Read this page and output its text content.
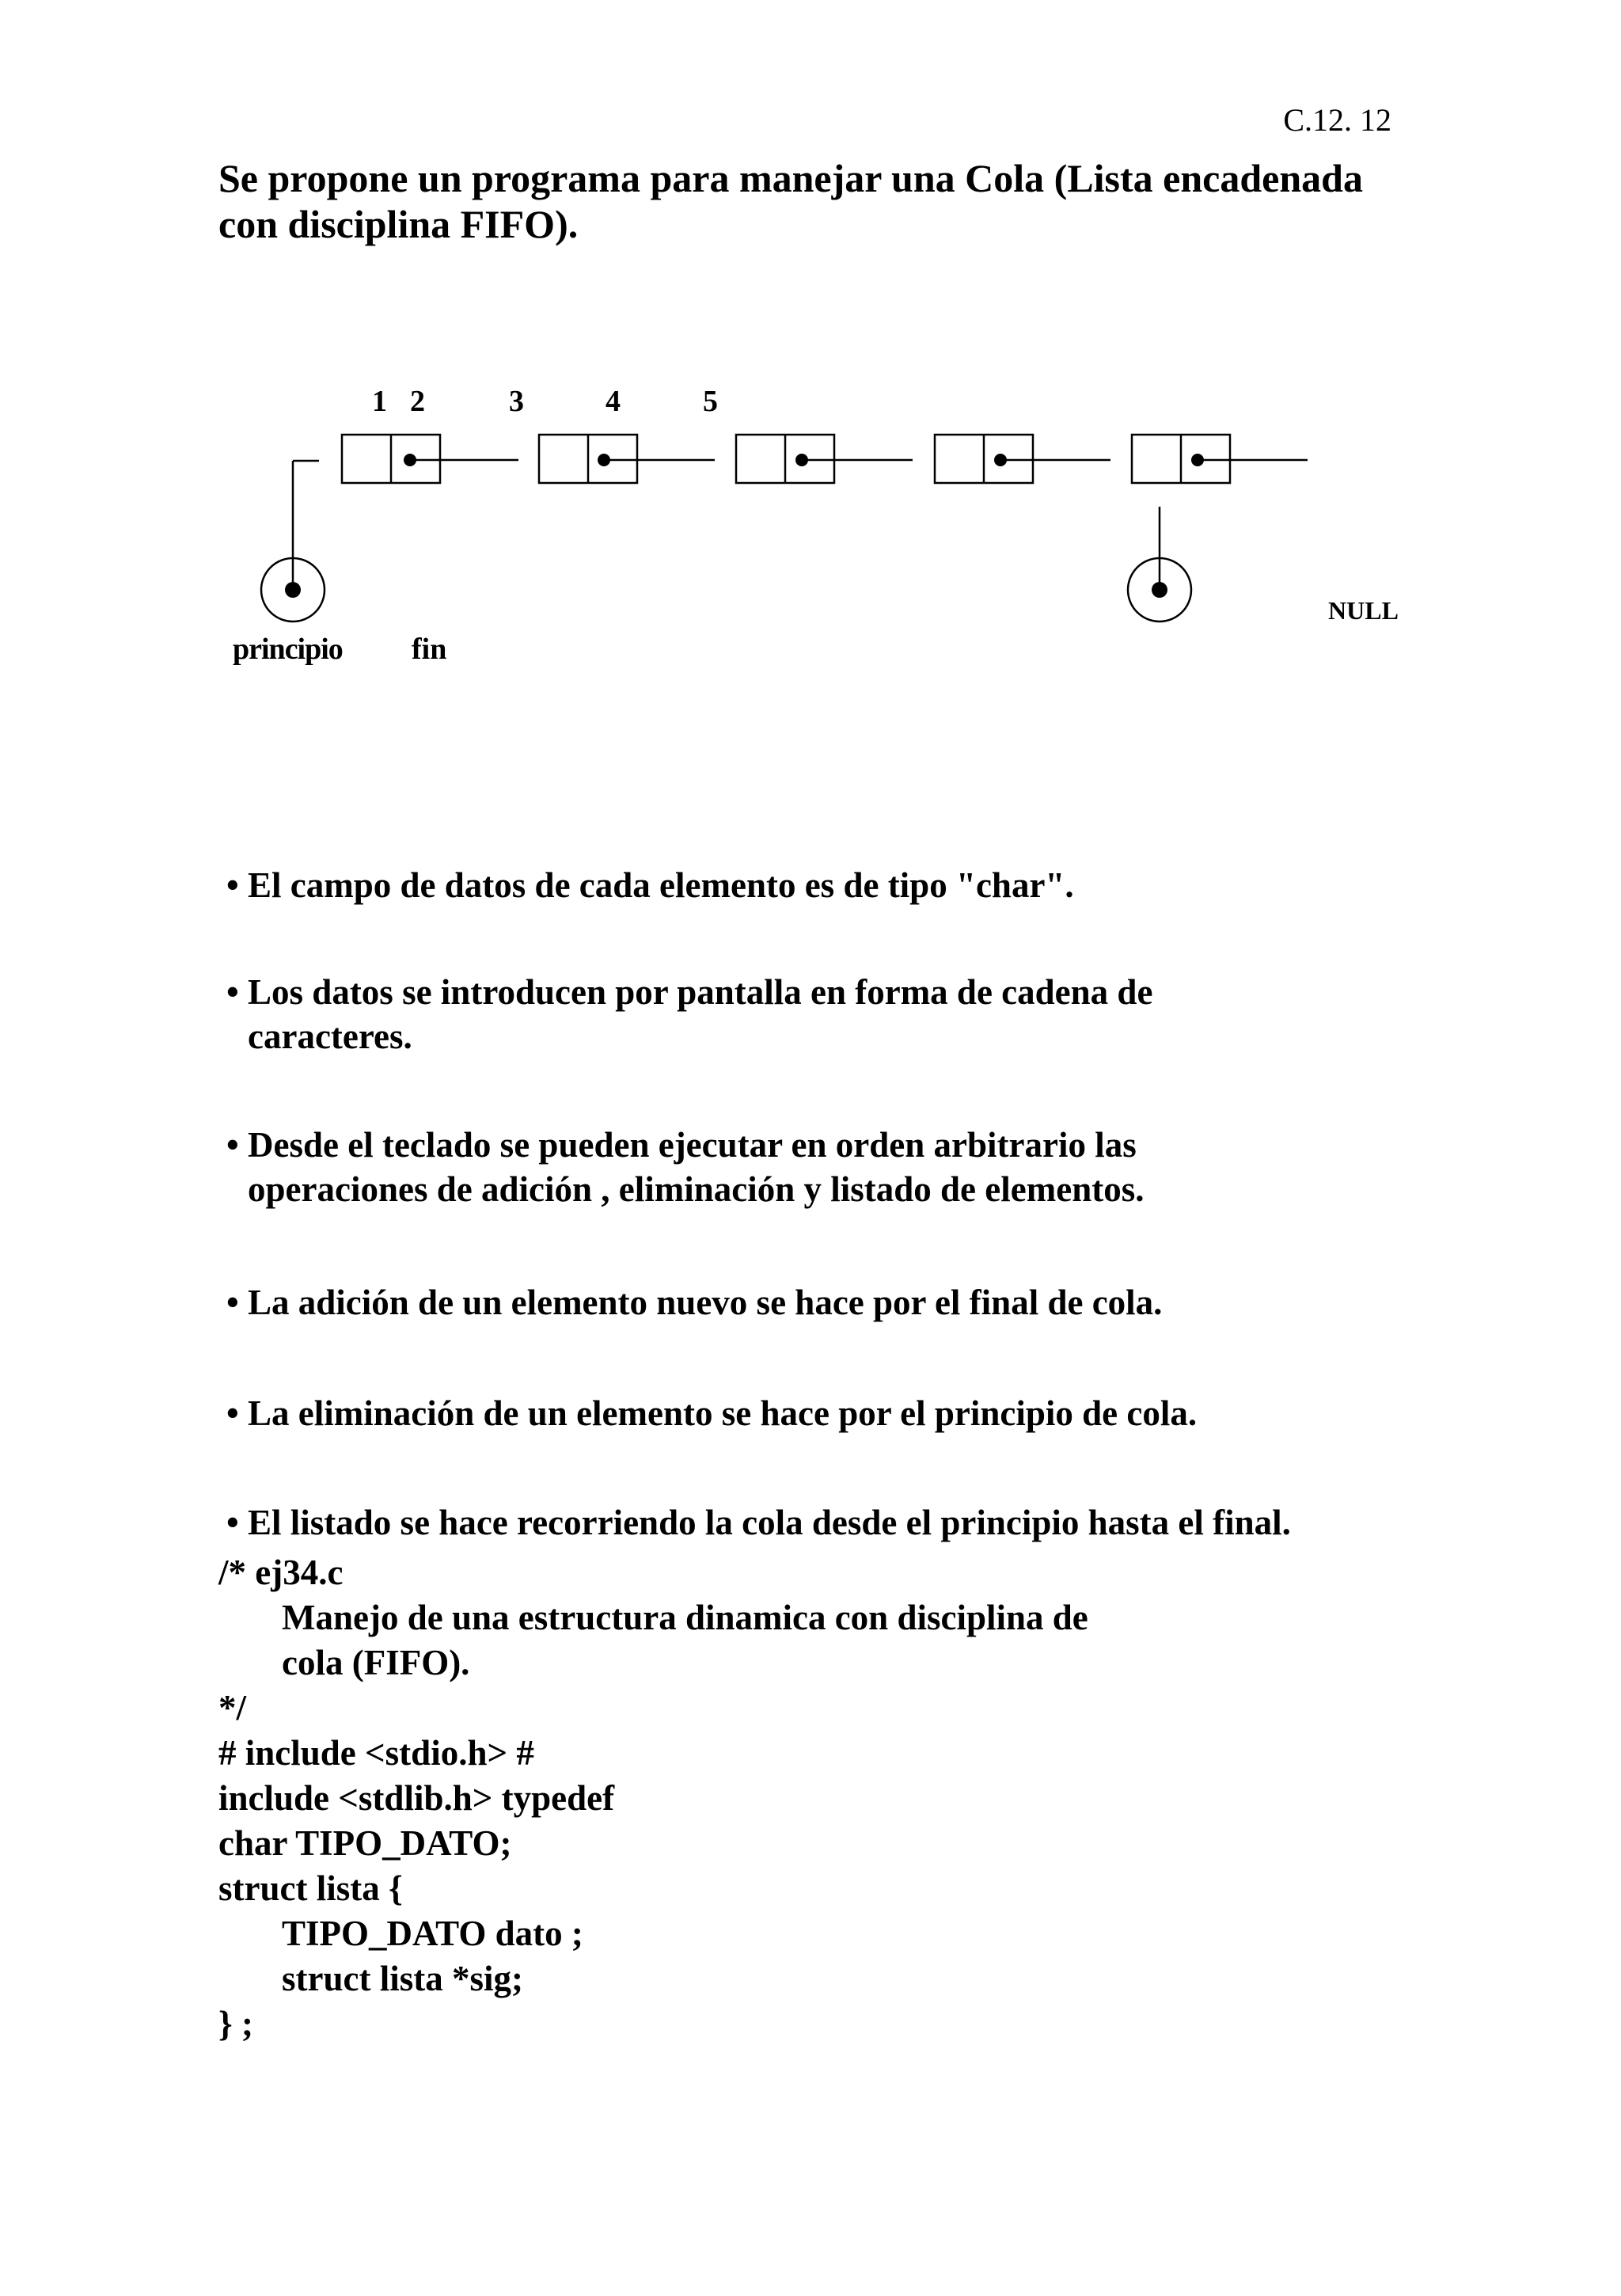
C.12. 12
Se propone un programa para manejar una Cola (Lista encadenada
con disciplina FIFO).
1 2	3	4	5
principio fin
NULL
• El campo de datos de cada elemento es de tipo "char".
• Los datos se introducen por pantalla en forma de cadena de
caracteres.
• Desde el teclado se pueden ejecutar en orden arbitrario las
operaciones de adición , eliminación y listado de elementos.
• La adición de un elemento nuevo se hace por el final de cola.
• La eliminación de un elemento se hace por el principio de cola.
• El listado se hace recorriendo la cola desde el principio hasta el final.
/* ej34.c
Manejo de una estructura dinamica con disciplina de
cola (FIFO).
*/
# include <stdio.h> #
include <stdlib.h> typedef
char TIPO_DATO;
struct lista {
TIPO_DATO dato ;
struct lista *sig;
} ;
